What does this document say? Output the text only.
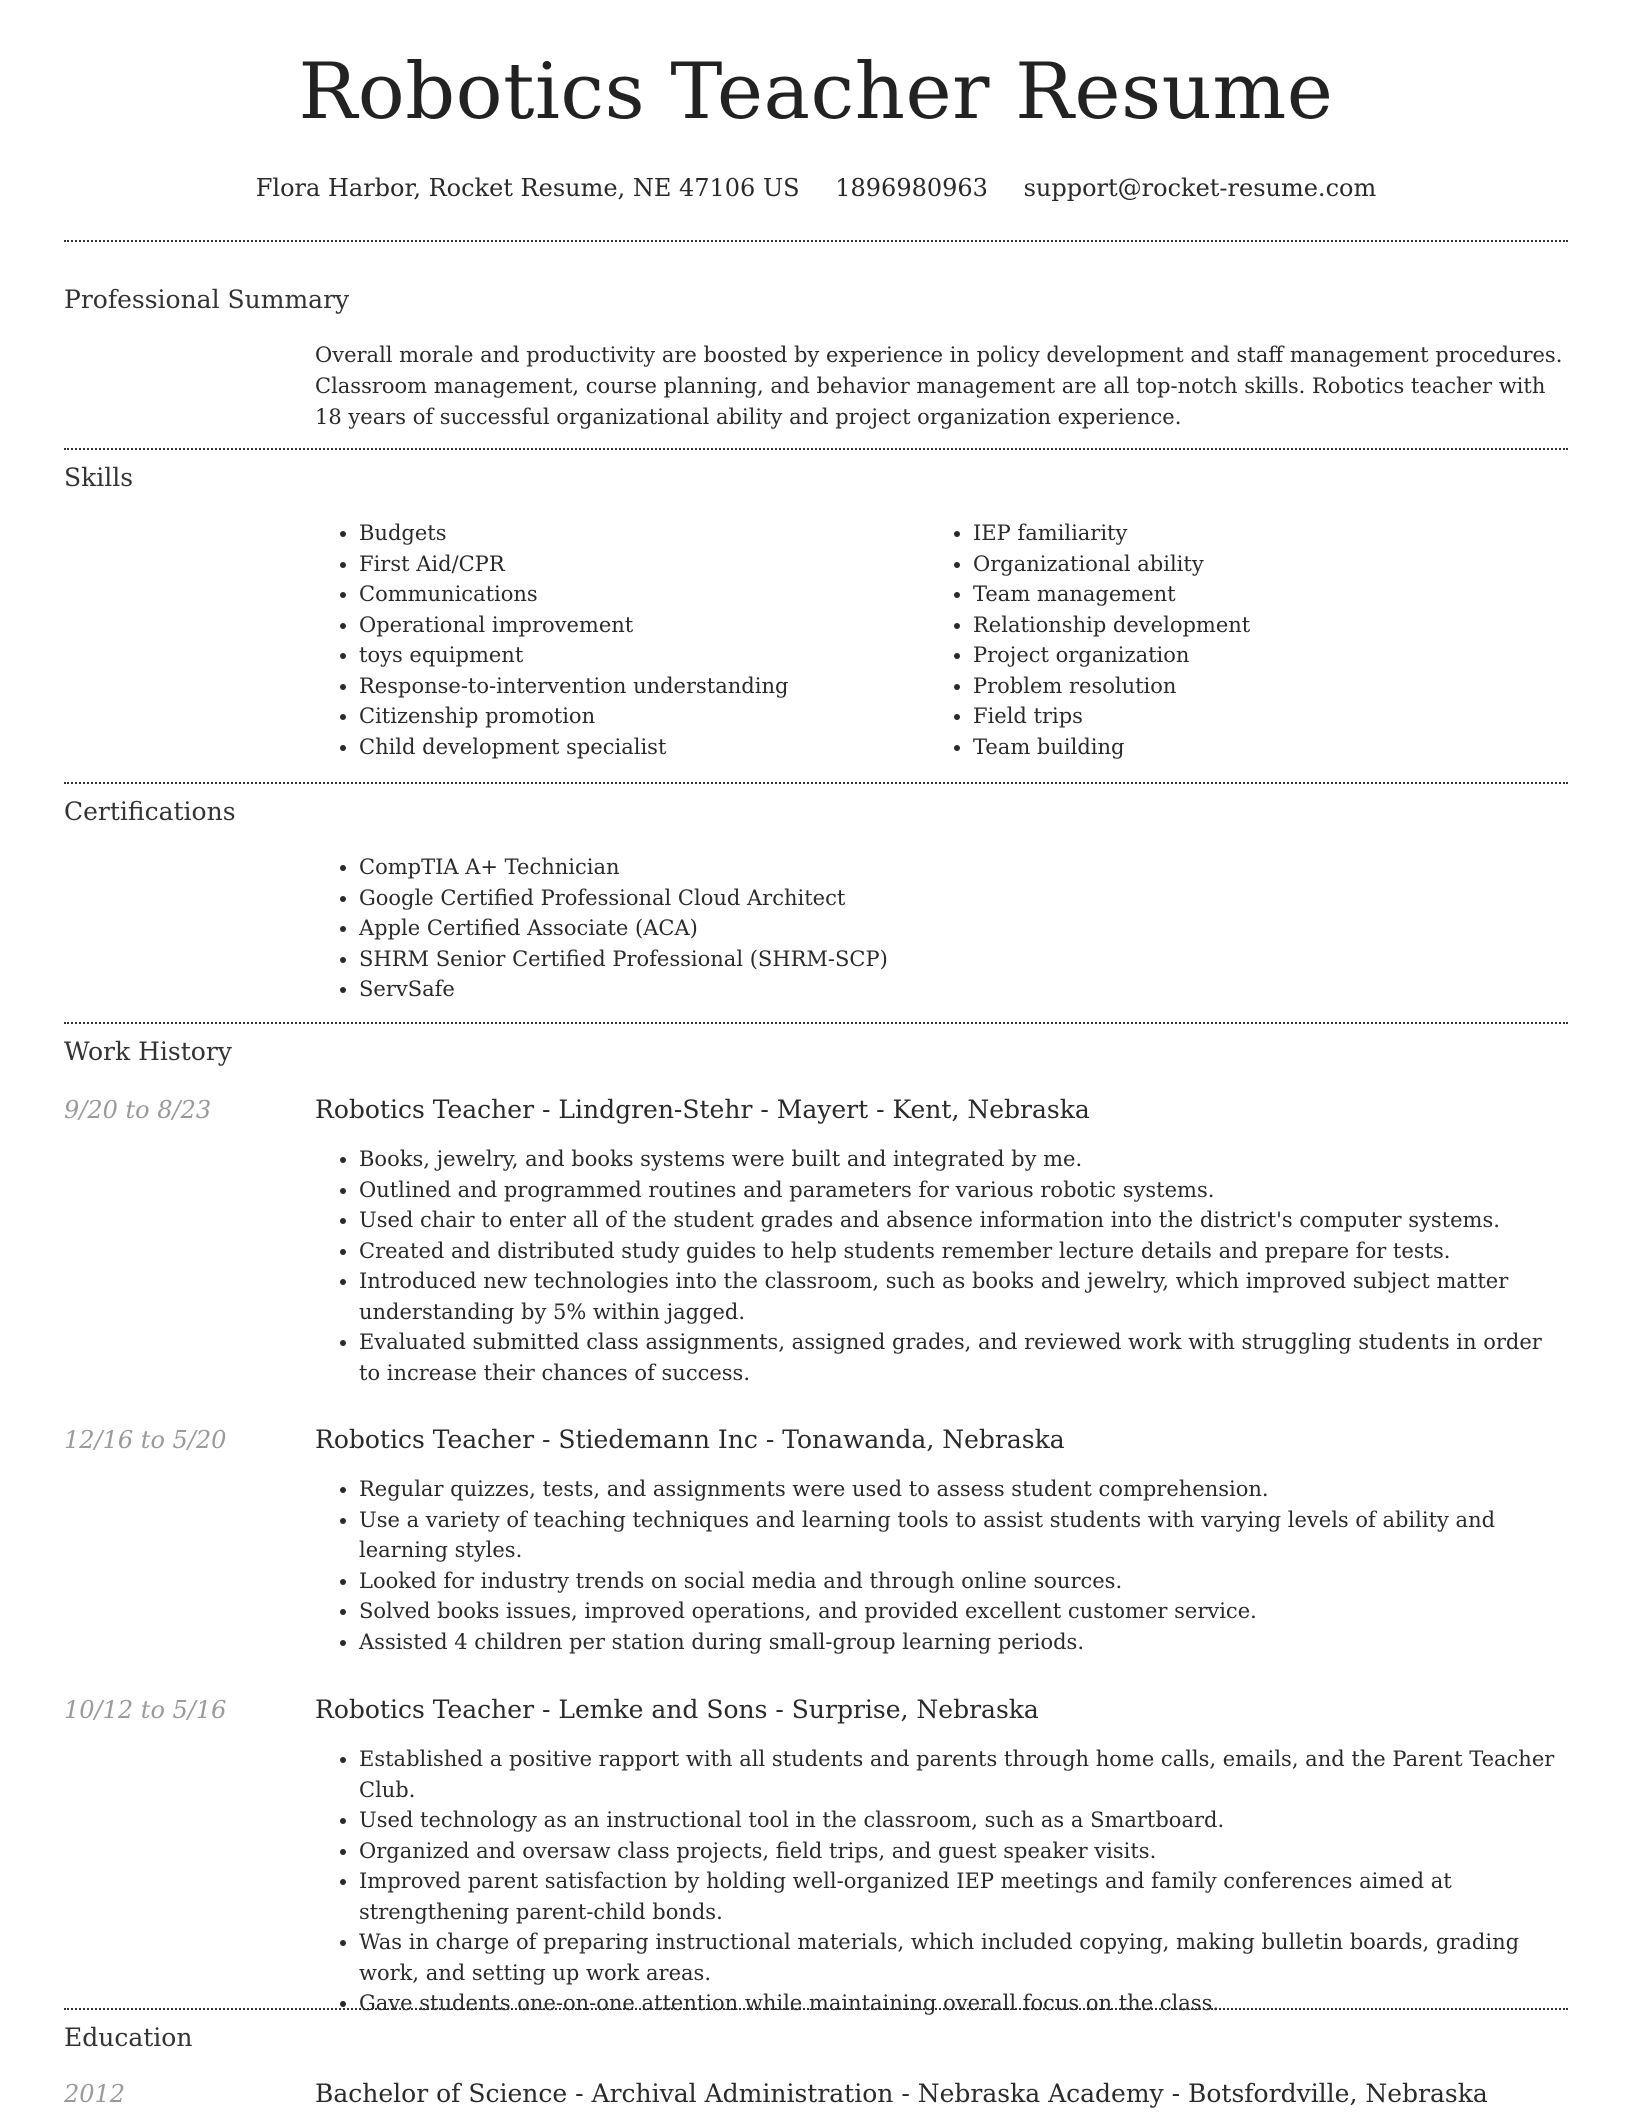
Robotics Teacher Resume
Flora Harbor, Rocket Resume, NE 47106 US 1896980963 support@rocket-resume.com
Professional Summary
Overall morale and productivity are boosted by experience in policy development and staff management procedures. Classroom management, course planning, and behavior management are all top-notch skills. Robotics teacher with 18 years of successful organizational ability and project organization experience.
Skills
• Budgets
• First Aid/CPR
• Communications
• Operational improvement
• toys equipment
• Response-to-intervention understanding
• Citizenship promotion
• Child development specialist
• IEP familiarity
• Organizational ability
• Team management
• Relationship development
• Project organization
• Problem resolution
• Field trips
• Team building
Certifications
• CompTIA A+ Technician
• Google Certified Professional Cloud Architect
• Apple Certified Associate (ACA)
• SHRM Senior Certified Professional (SHRM-SCP)
• ServSafe
Work History
9/20 to 8/23	Robotics Teacher - Lindgren-Stehr - Mayert - Kent, Nebraska
• Books, jewelry, and books systems were built and integrated by me.
• Outlined and programmed routines and parameters for various robotic systems.
• Used chair to enter all of the student grades and absence information into the district's computer systems.
• Created and distributed study guides to help students remember lecture details and prepare for tests.
• Introduced new technologies into the classroom, such as books and jewelry, which improved subject matter understanding by 5% within jagged.
• Evaluated submitted class assignments, assigned grades, and reviewed work with struggling students in order to increase their chances of success.
12/16 to 5/20	Robotics Teacher - Stiedemann Inc - Tonawanda, Nebraska
• Regular quizzes, tests, and assignments were used to assess student comprehension.
• Use a variety of teaching techniques and learning tools to assist students with varying levels of ability and learning styles.
• Looked for industry trends on social media and through online sources.
• Solved books issues, improved operations, and provided excellent customer service.
• Assisted 4 children per station during small-group learning periods.
10/12 to 5/16	Robotics Teacher - Lemke and Sons - Surprise, Nebraska
• Established a positive rapport with all students and parents through home calls, emails, and the Parent Teacher Club.
• Used technology as an instructional tool in the classroom, such as a Smartboard.
• Organized and oversaw class projects, field trips, and guest speaker visits.
• Improved parent satisfaction by holding well-organized IEP meetings and family conferences aimed at strengthening parent-child bonds.
• Was in charge of preparing instructional materials, which included copying, making bulletin boards, grading work, and setting up work areas.
• Gave students one-on-one attention while maintaining overall focus on the class.
Education
2012	Bachelor of Science - Archival Administration - Nebraska Academy - Botsfordville, Nebraska
